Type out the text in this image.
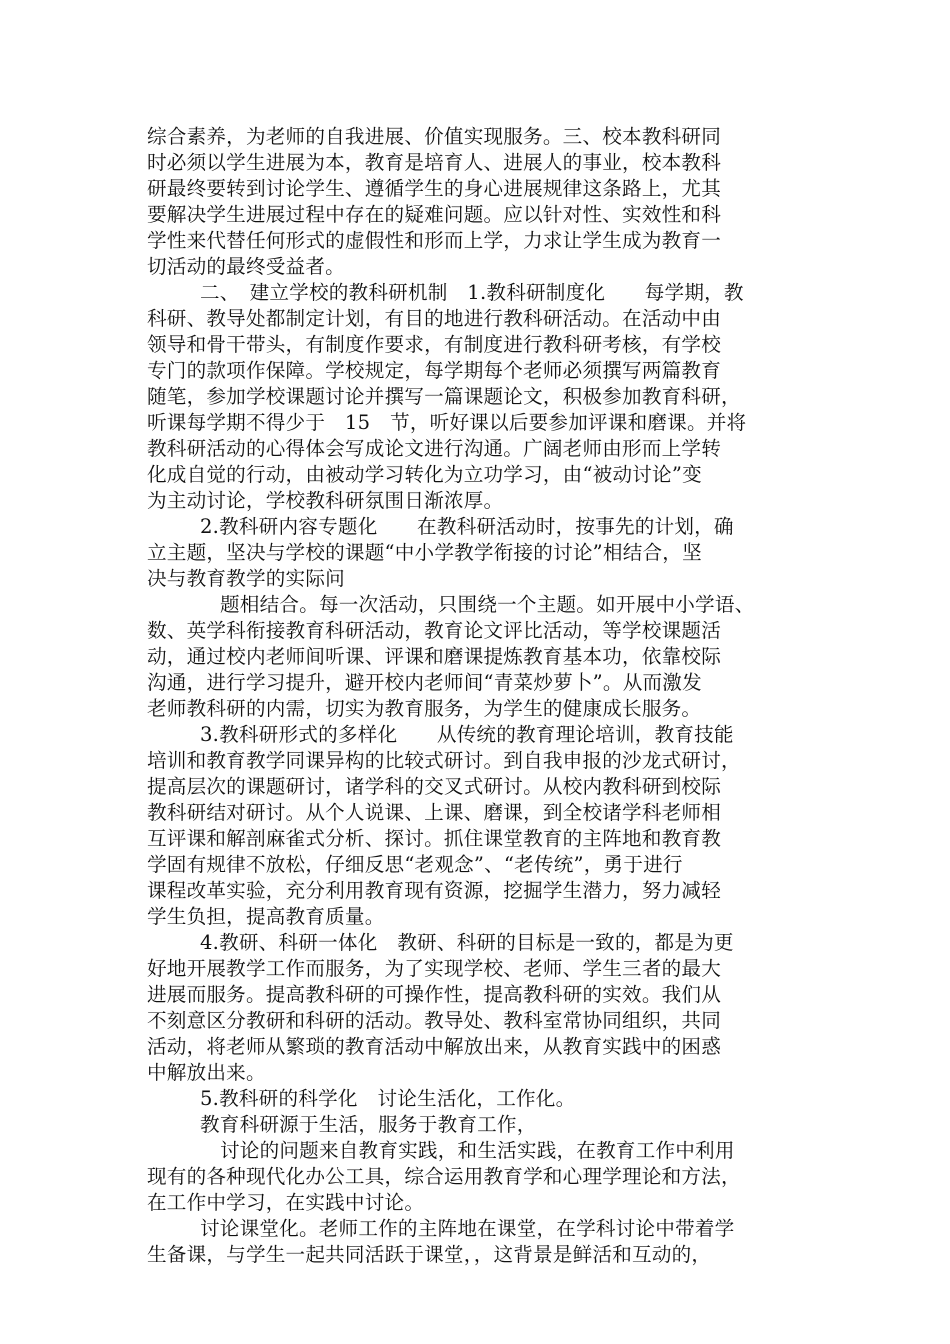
综合素养，为老师的自我进展、价值实现服务。三、校本教科研同
时必须以学生进展为本，教育是培育人、进展人的事业，校本教科
研最终要转到讨论学生、遵循学生的身心进展规律这条路上，尤其
要解决学生进展过程中存在的疑难问题。应以针对性、实效性和科
学性来代替任何形式的虚假性和形而上学，力求让学生成为教育一
切活动的最终受益者。
二、　建立学校的教科研机制　1.教科研制度化　　每学期，教
科研、教导处都制定计划，有目的地进行教科研活动。在活动中由
领导和骨干带头，有制度作要求，有制度进行教科研考核，有学校
专门的款项作保障。学校规定，每学期每个老师必须撰写两篇教育
随笔，参加学校课题讨论并撰写一篇课题论文，积极参加教育科研，
听课每学期不得少于　15　节，听好课以后要参加评课和磨课。并将
教科研活动的心得体会写成论文进行沟通。广阔老师由形而上学转
化成自觉的行动，由被动学习转化为立功学习，由“被动讨论”变
为主动讨论，学校教科研氛围日渐浓厚。
2.教科研内容专题化　　在教科研活动时，按事先的计划，确
立主题，坚决与学校的课题“中小学教学衔接的讨论”相结合，坚
决与教育教学的实际问
题相结合。每一次活动，只围绕一个主题。如开展中小学语、
数、英学科衔接教育科研活动，教育论文评比活动，等学校课题活
动，通过校内老师间听课、评课和磨课提炼教育基本功，依靠校际
沟通，进行学习提升，避开校内老师间“青菜炒萝卜”。从而激发
老师教科研的内需，切实为教育服务，为学生的健康成长服务。
3.教科研形式的多样化　　从传统的教育理论培训，教育技能
培训和教育教学同课异构的比较式研讨。到自我申报的沙龙式研讨，
提高层次的课题研讨，诸学科的交叉式研讨。从校内教科研到校际
教科研结对研讨。从个人说课、上课、磨课，到全校诸学科老师相
互评课和解剖麻雀式分析、探讨。抓住课堂教育的主阵地和教育教
学固有规律不放松，仔细反思“老观念”、“老传统”，勇于进行
课程改革实验，充分利用教育现有资源，挖掘学生潜力，努力减轻
学生负担，提高教育质量。
4.教研、科研一体化　教研、科研的目标是一致的，都是为更
好地开展教学工作而服务，为了实现学校、老师、学生三者的最大
进展而服务。提高教科研的可操作性，提高教科研的实效。我们从
不刻意区分教研和科研的活动。教导处、教科室常协同组织，共同
活动，将老师从繁琐的教育活动中解放出来，从教育实践中的困惑
中解放出来。
5.教科研的科学化　讨论生活化，工作化。
教育科研源于生活，服务于教育工作，
讨论的问题来自教育实践，和生活实践，在教育工作中利用
现有的各种现代化办公工具，综合运用教育学和心理学理论和方法，
在工作中学习，在实践中讨论。
讨论课堂化。老师工作的主阵地在课堂，在学科讨论中带着学
生备课，与学生一起共同活跃于课堂，，这背景是鲜活和互动的，
